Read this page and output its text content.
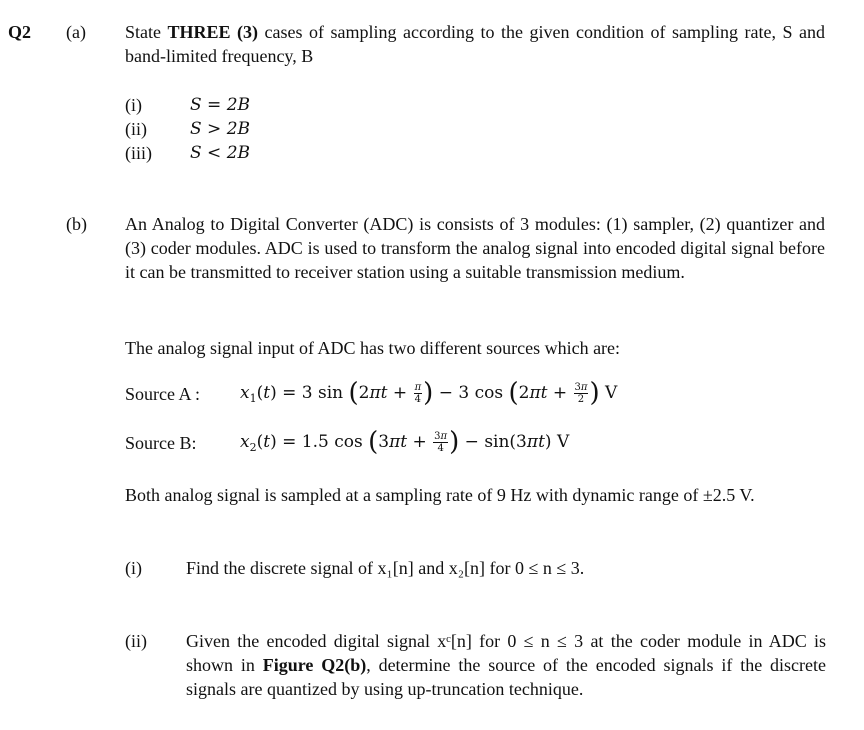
Q2 (a) State THREE (3) cases of sampling according to the given condition of sampling rate, S and band-limited frequency, B
(i)	S = 2B
(ii)	S > 2B
(iii) S < 2B
(b) An Analog to Digital Converter (ADC) is consists of 3 modules: (1) sampler, (2) quantizer and (3) coder modules. ADC is used to transform the analog signal into encoded digital signal before it can be transmitted to receiver station using a suitable transmission medium.
The analog signal input of ADC has two different sources which are:
Source A : $x_1(t) = 3$ $\sin (2\pi t + \frac{\pi}{4}$ ) − 3 $\cos (2\pi t + \frac{3\pi}{2}$ ) V
Source B:	$x_2(t) = 1.5$ $\cos (3\pi t + \frac{3\pi}{4}$ ) − sin(3πt) V
Both analog signal is sampled at a sampling rate of 9 Hz with dynamic range of ±2.5 V.
(i) Find the discrete signal of x₁[n] and x₂[n] for 0 ≤ n ≤ 3.
(ii) Given the encoded digital signal xᶜ[n] for 0 ≤ n ≤ 3 at the coder module in ADC is shown in Figure Q2(b), determine the source of the encoded signals if the discrete signals are quantized by using up-truncation technique.
